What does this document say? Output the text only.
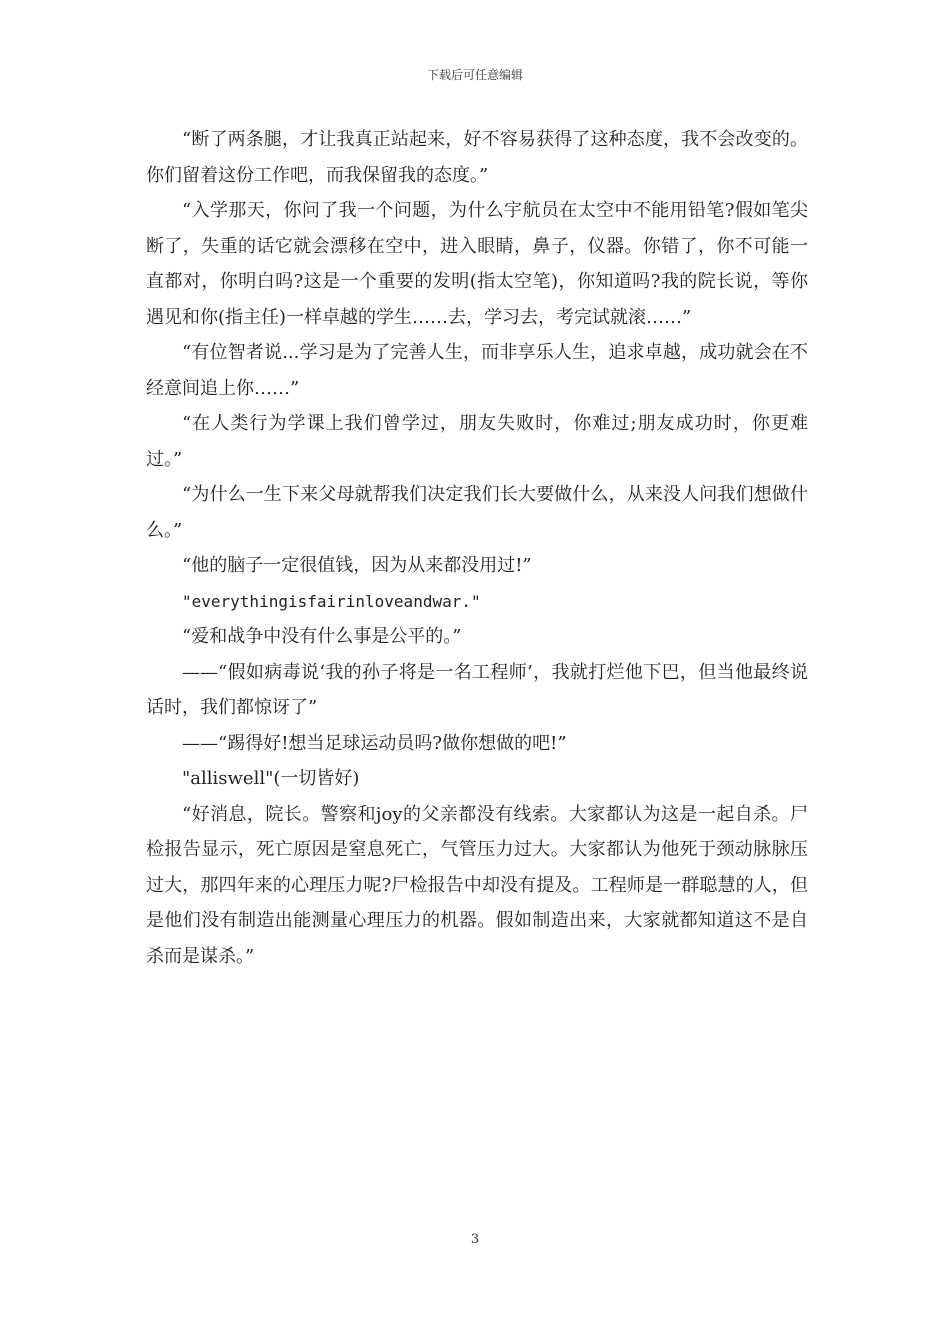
下载后可任意编辑

“断了两条腿，才让我真正站起来，好不容易获得了这种态度，我不会改变的。你们留着这份工作吧，而我保留我的态度。”

“入学那天，你问了我一个问题，为什么宇航员在太空中不能用铅笔?假如笔尖断了，失重的话它就会漂移在空中，进入眼睛，鼻子，仪器。你错了，你不可能一直都对，你明白吗?这是一个重要的发明(指太空笔)，你知道吗?我的院长说，等你遇见和你(指主任)一样卓越的学生……去，学习去，考完试就滚……”

“有位智者说...学习是为了完善人生，而非享乐人生，追求卓越，成功就会在不经意间追上你……”

“在人类行为学课上我们曾学过，朋友失败时，你难过;朋友成功时，你更难过。”

“为什么一生下来父母就帮我们决定我们长大要做什么，从来没人问我们想做什么。”

“他的脑子一定很值钱，因为从来都没用过!”

"everythingisfairinloveandwar."

“爱和战争中没有什么事是公平的。”

——“假如病毒说‘我的孙子将是一名工程师’，我就打烂他下巴，但当他最终说话时，我们都惊讶了”

——“踢得好!想当足球运动员吗?做你想做的吧!”

"alliswell"(一切皆好)

“好消息，院长。警察和joy的父亲都没有线索。大家都认为这是一起自杀。尸检报告显示，死亡原因是窒息死亡，气管压力过大。大家都认为他死于颈动脉脉压过大，那四年来的心理压力呢?尸检报告中却没有提及。工程师是一群聪慧的人，但是他们没有制造出能测量心理压力的机器。假如制造出来，大家就都知道这不是自杀而是谋杀。”

3
